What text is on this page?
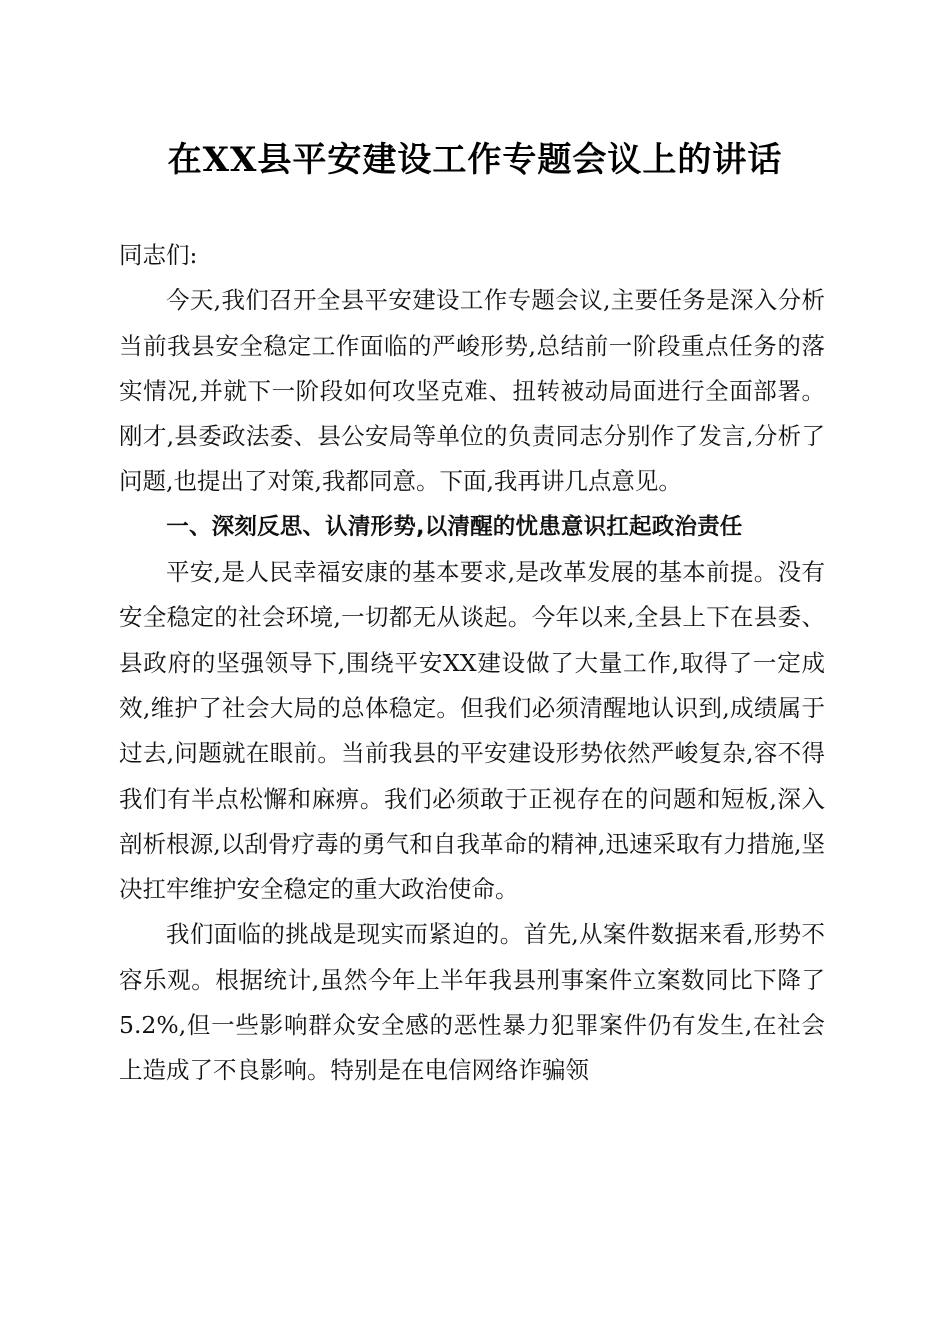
在XX县平安建设工作专题会议上的讲话

同志们:

今天,我们召开全县平安建设工作专题会议,主要任务是深入分析当前我县安全稳定工作面临的严峻形势,总结前一阶段重点任务的落实情况,并就下一阶段如何攻坚克难、扭转被动局面进行全面部署。刚才,县委政法委、县公安局等单位的负责同志分别作了发言,分析了问题,也提出了对策,我都同意。下面,我再讲几点意见。

一、深刻反思、认清形势,以清醒的忧患意识扛起政治责任

平安,是人民幸福安康的基本要求,是改革发展的基本前提。没有安全稳定的社会环境,一切都无从谈起。今年以来,全县上下在县委、县政府的坚强领导下,围绕平安XX建设做了大量工作,取得了一定成效,维护了社会大局的总体稳定。但我们必须清醒地认识到,成绩属于过去,问题就在眼前。当前我县的平安建设形势依然严峻复杂,容不得我们有半点松懈和麻痹。我们必须敢于正视存在的问题和短板,深入剖析根源,以刮骨疗毒的勇气和自我革命的精神,迅速采取有力措施,坚决扛牢维护安全稳定的重大政治使命。

我们面临的挑战是现实而紧迫的。首先,从案件数据来看,形势不容乐观。根据统计,虽然今年上半年我县刑事案件立案数同比下降了5.2%,但一些影响群众安全感的恶性暴力犯罪案件仍有发生,在社会上造成了不良影响。特别是在电信网络诈骗领
